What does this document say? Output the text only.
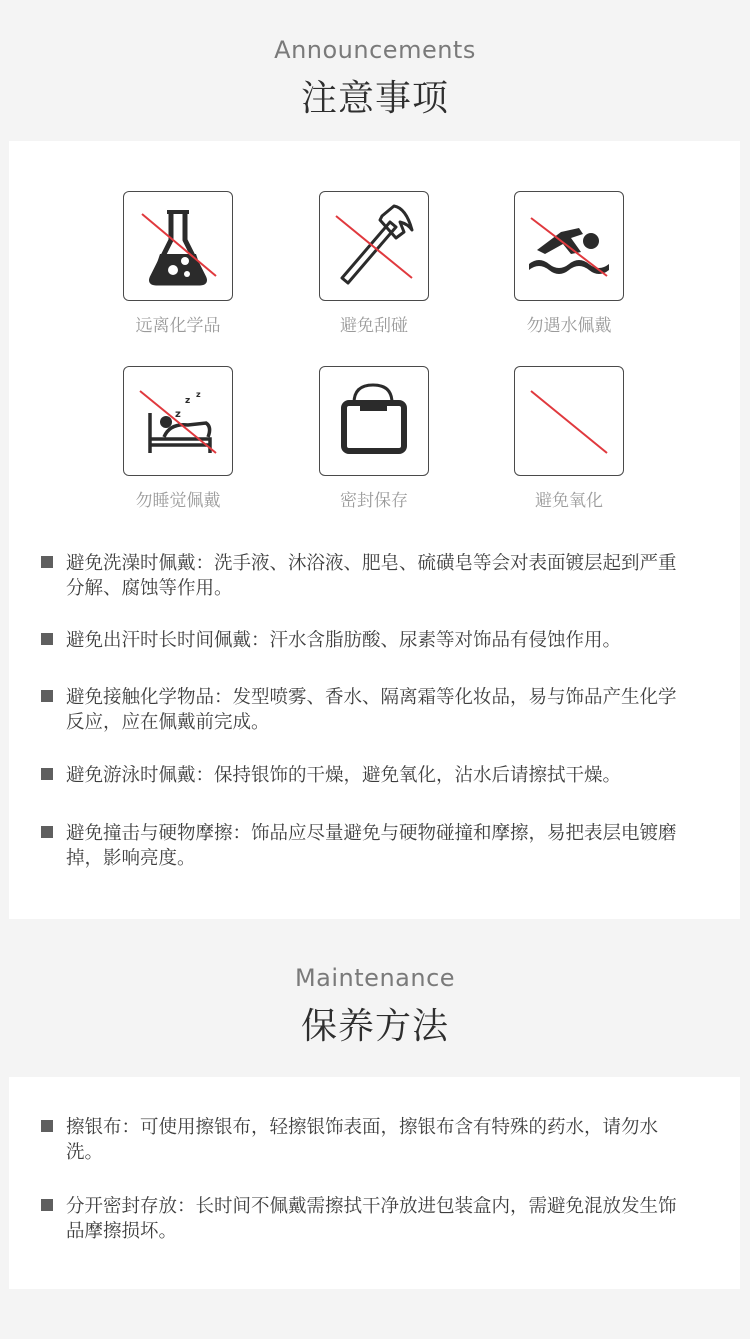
Announcements
注意事项
远离化学品	避免刮碰	勿遇水佩戴
z
z
z
勿睡觉佩戴	密封保存	避免氧化
避免洗澡时佩戴：洗手液、沐浴液、肥皂、硫磺皂等会对表面镀层起到严重分解、腐蚀等作用。
避免出汗时长时间佩戴：汗水含脂肪酸、尿素等对饰品有侵蚀作用。
避免接触化学物品：发型喷雾、香水、隔离霜等化妆品，易与饰品产生化学反应，应在佩戴前完成。
避免游泳时佩戴：保持银饰的干燥，避免氧化，沾水后请擦拭干燥。
避免撞击与硬物摩擦：饰品应尽量避免与硬物碰撞和摩擦，易把表层电镀磨掉，影响亮度。
Maintenance
保养方法
擦银布：可使用擦银布，轻擦银饰表面，擦银布含有特殊的药水，请勿水洗。
分开密封存放：长时间不佩戴需擦拭干净放进包装盒内，需避免混放发生饰品摩擦损坏。
